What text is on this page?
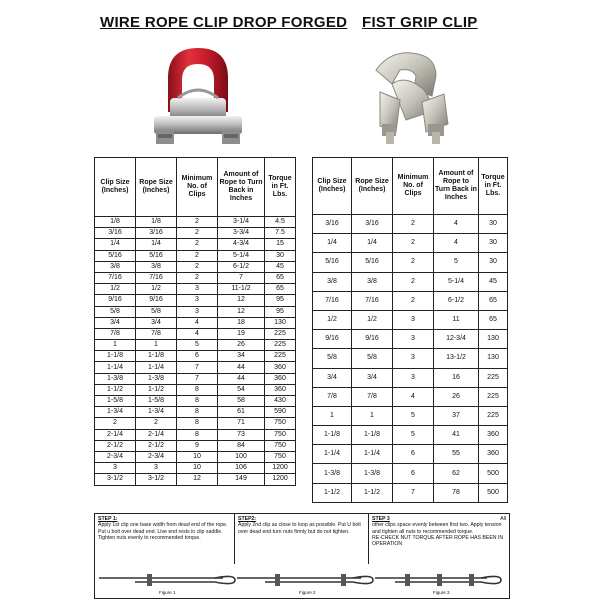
WIRE ROPE CLIP DROP FORGED FIST GRIP CLIP
Clip Size (Inches)	Rope Size (Inches)	Minimum No. of Clips	Amount of Rope to Turn Back in Inches	Torque in Ft. Lbs.
1/8	1/8	2	3-1/4	4.5
3/16	3/16	2	3-3/4	7.5
1/4	1/4	2	4-3/4	15
5/16	5/16	2	5-1/4	30
3/8	3/8	2	6-1/2	45
7/16	7/16	2	7	65
1/2	1/2	3	11-1/2	65
9/16	9/16	3	12	95
5/8	5/8	3	12	95
3/4	3/4	4	18	130
7/8	7/8	4	19	225
1	1	5	26	225
1-1/8	1-1/8	6	34	225
1-1/4	1-1/4	7	44	360
1-3/8	1-3/8	7	44	360
1-1/2	1-1/2	8	54	360
1-5/8	1-5/8	8	58	430
1-3/4	1-3/4	8	61	590
2	2	8	71	750
2-1/4	2-1/4	8	73	750
2-1/2	2-1/2	9	84	750
2-3/4	2-3/4	10	100	750
3	3	10	106	1200
3-1/2	3-1/2	12	149	1200
Clip Size (Inches)	Rope Size (Inches)	Minimum No. of Clips	Amount of Rope to Turn Back in Inches	Torque in Ft. Lbs.
3/16	3/16	2	4	30
1/4	1/4	2	4	30
5/16	5/16	2	5	30
3/8	3/8	2	5-1/4	45
7/16	7/16	2	6-1/2	65
1/2	1/2	3	11	65
9/16	9/16	3	12-3/4	130
5/8	5/8	3	13-1/2	130
3/4	3/4	3	16	225
7/8	7/8	4	26	225
1	1	5	37	225
1-1/8	1-1/8	5	41	360
1-1/4	1-1/4	6	55	360
1-3/8	1-3/8	6	62	500
1-1/2	1-1/2	7	78	500
STEP 1:
Apply 1st clip one base width from dead end of the rope. Put u bolt over dead end. Live end rests in clip saddle. Tighten nuts evenly to recommended torque.
STEP2:
Apply 2nd clip as close to loop as possible. Put U bolt over dead end turn nuts firmly but do not tighten.
STEP 3	All
other clips space evenly between first two. Apply tension and tighten all nuts to recommended torque.
RE-CHECK NUT TORQUE AFTER ROPE HAS BEEN IN OPERATION
Figure 1	Figure 2	Figure 3
